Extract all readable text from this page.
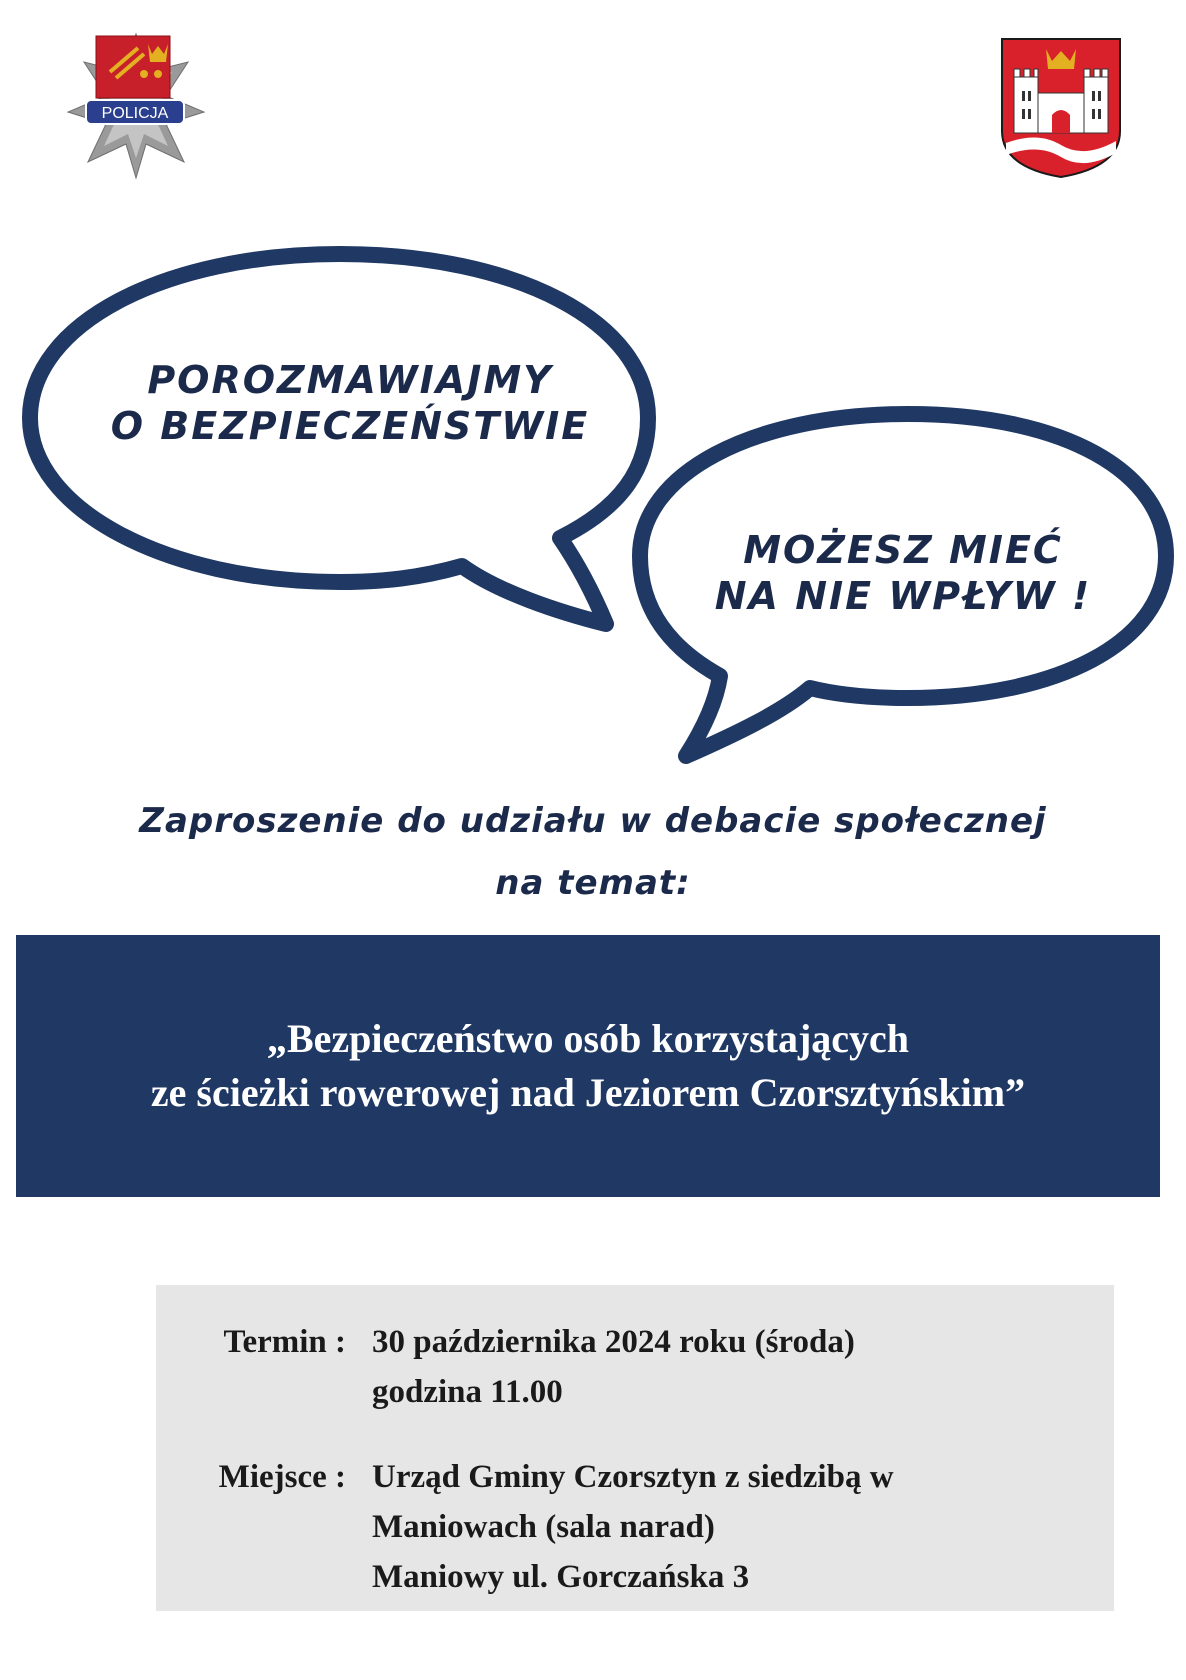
POLICJA
POROZMAWIAJMY
O BEZPIECZEŃSTWIE
MOŻESZ MIEĆ
NA NIE WPŁYW !
Zaproszenie do udziału w debacie społecznej
na temat:
„Bezpieczeństwo osób korzystających
ze ścieżki rowerowej nad Jeziorem Czorsztyńskim”
Termin : 30 października 2024 roku (środa)
godzina 11.00
Miejsce : Urząd Gminy Czorsztyn z siedzibą w
Maniowach (sala narad)
Maniowy ul. Gorczańska 3
